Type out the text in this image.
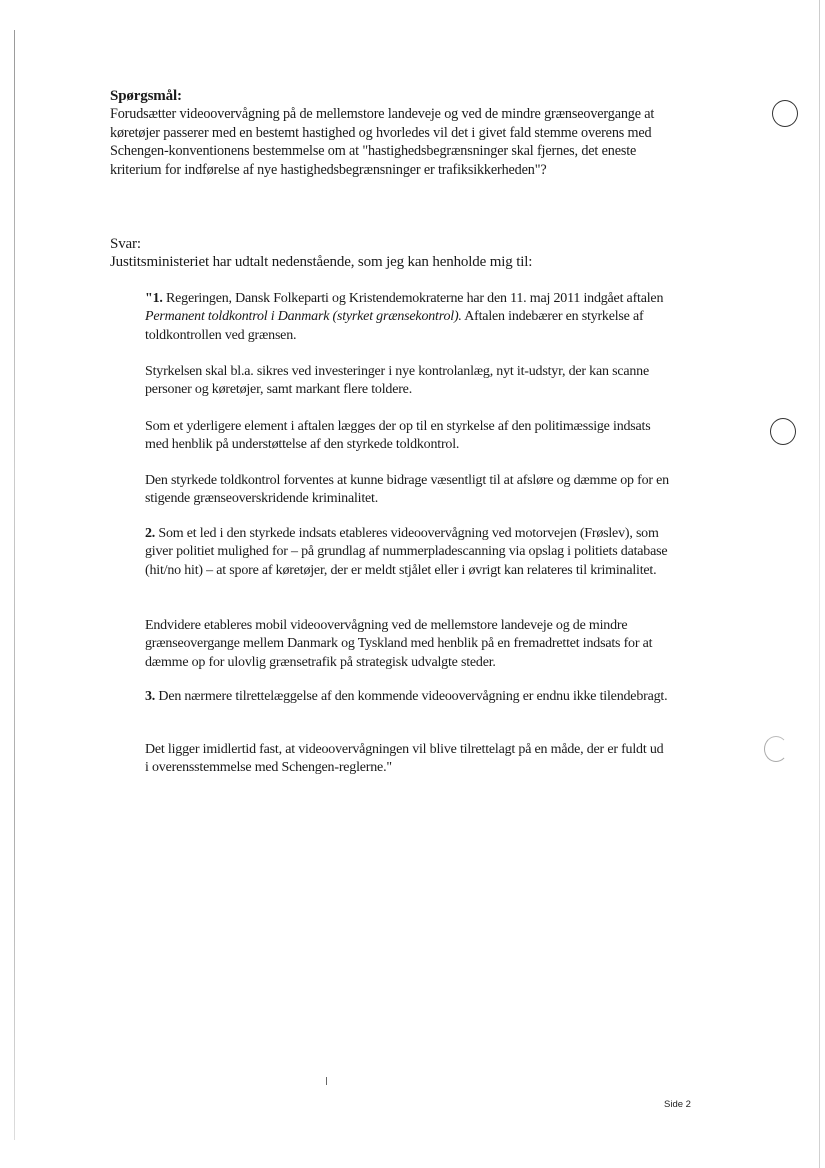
Spørgsmål:
Forudsætter videoovervågning på de mellemstore landeveje og ved de mindre grænseovergange at køretøjer passerer med en bestemt hastighed og hvorledes vil det i givet fald stemme overens med Schengen-konventionens bestemmelse om at "hastighedsbegrænsninger skal fjernes, det eneste kriterium for indførelse af nye hastighedsbegrænsninger er trafiksikkerheden"?
Svar:
Justitsministeriet har udtalt nedenstående, som jeg kan henholde mig til:
"1. Regeringen, Dansk Folkeparti og Kristendemokraterne har den 11. maj 2011 indgået aftalen Permanent toldkontrol i Danmark (styrket grænsekontrol). Aftalen indebærer en styrkelse af toldkontrollen ved grænsen.
Styrkelsen skal bl.a. sikres ved investeringer i nye kontrolanlæg, nyt it-udstyr, der kan scanne personer og køretøjer, samt markant flere toldere.
Som et yderligere element i aftalen lægges der op til en styrkelse af den politimæssige indsats med henblik på understøttelse af den styrkede toldkontrol.
Den styrkede toldkontrol forventes at kunne bidrage væsentligt til at afsløre og dæmme op for en stigende grænseoverskridende kriminalitet.
2. Som et led i den styrkede indsats etableres videoovervågning ved motorvejen (Frøslev), som giver politiet mulighed for – på grundlag af nummerpladescanning via opslag i politiets database (hit/no hit) – at spore af køretøjer, der er meldt stjålet eller i øvrigt kan relateres til kriminalitet.
Endvidere etableres mobil videoovervågning ved de mellemstore landeveje og de mindre grænseovergange mellem Danmark og Tyskland med henblik på en fremadrettet indsats for at dæmme op for ulovlig grænsetrafik på strategisk udvalgte steder.
3. Den nærmere tilrettelæggelse af den kommende videoovervågning er endnu ikke tilendebragt.
Det ligger imidlertid fast, at videoovervågningen vil blive tilrettelagt på en måde, der er fuldt ud i overensstemmelse med Schengen-reglerne."
Side 2
